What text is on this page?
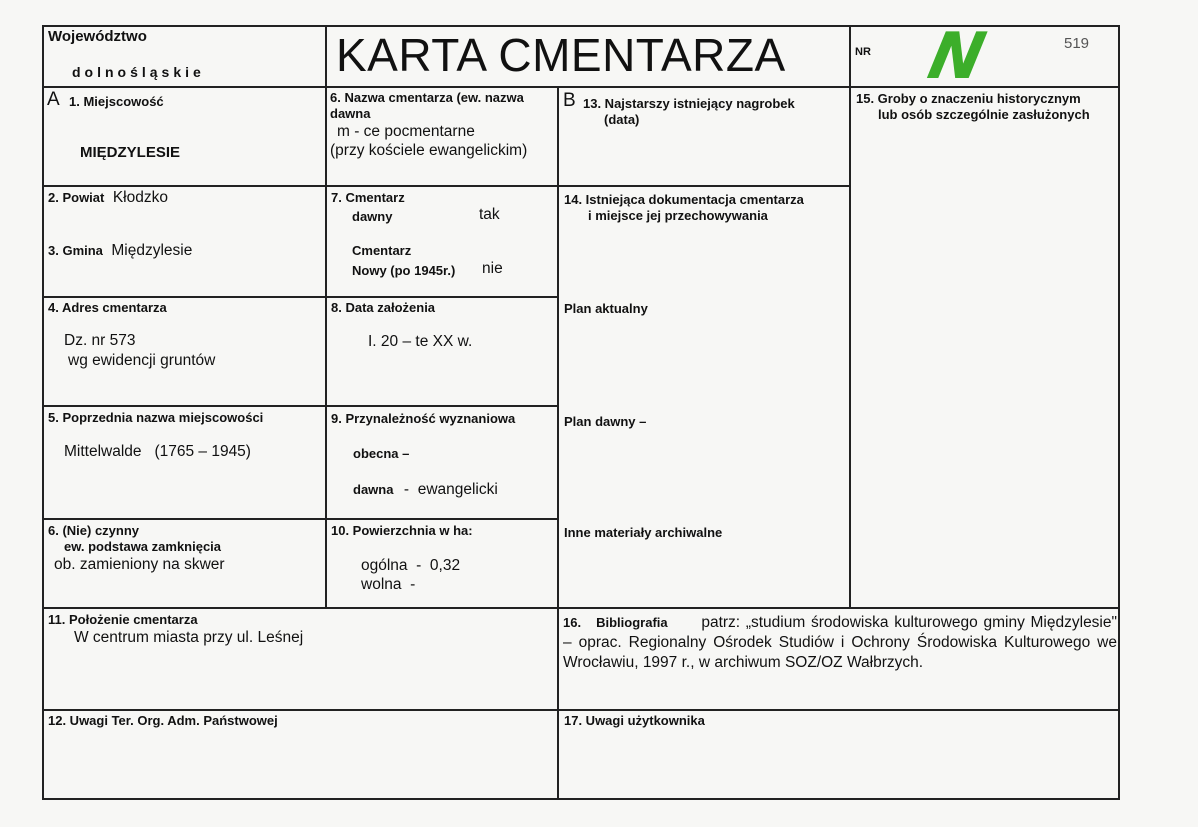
Województwo
dolnośląskie	KARTA CMENTARZA	NR N	519
A 1. Miejscowość
MIĘDZYLESIE
6. Nazwa cmentarza (ew. nazwa dawna
m - ce pocmentarne
(przy kościele ewangelickim)
B 13. Najstarszy istniejący nagrobek
(data)
15. Groby o znaczeniu historycznym
lub osób szczególnie zasłużonych
2. Powiat Kłodzko
3. Gmina Międzylesie
7. Cmentarz
dawny	tak
Cmentarz
Nowy (po 1945r.) nie
14. Istniejąca dokumentacja cmentarza
i miejsce jej przechowywania
4. Adres cmentarza
Dz. nr 573
wg ewidencji gruntów
8. Data założenia
I. 20 – te XX w.
Plan aktualny
5. Poprzednia nazwa miejscowości
Mittelwalde   (1765 – 1945)
9. Przynależność wyznaniowa
obecna –
dawna -  ewangelicki
Plan dawny –
6. (Nie) czynny
ew. podstawa zamknięcia
ob. zamieniony na skwer
10. Powierzchnia w ha:
ogólna  -  0,32
wolna  -
Inne materiały archiwalne
11. Położenie cmentarza
W centrum miasta przy ul. Leśnej
16.   Bibliografia patrz: „studium środowiska kulturowego gminy Międzylesie" – oprac. Regionalny Ośrodek Studiów i Ochrony Środowiska Kulturowego we Wrocławiu, 1997 r., w archiwum SOZ/OZ Wałbrzych.
12. Uwagi Ter. Org. Adm. Państwowej	17. Uwagi użytkownika
